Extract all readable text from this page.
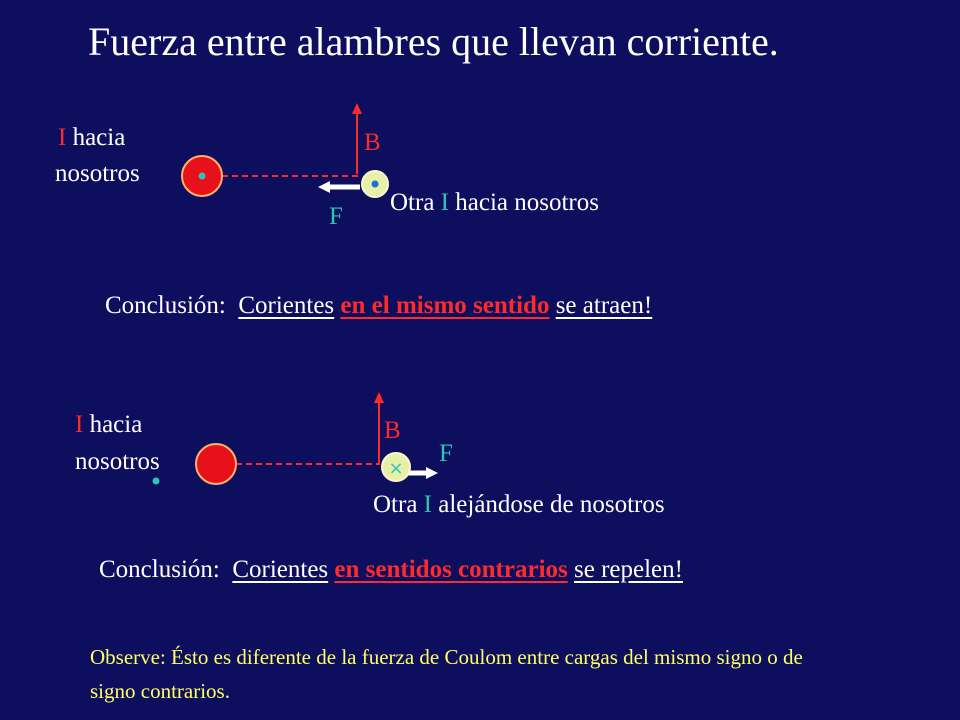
Fuerza entre alambres que llevan corriente.
×
I hacia
nosotros
B
F
Otra I hacia nosotros
Conclusión: Corientes en el mismo sentido se atraen!
I hacia
nosotros
B
F
Otra I alejándose de nosotros
Conclusión: Corientes en sentidos contrarios se repelen!
Observe: Ésto es diferente de la fuerza de Coulom entre cargas del mismo signo o de signo contrarios.
